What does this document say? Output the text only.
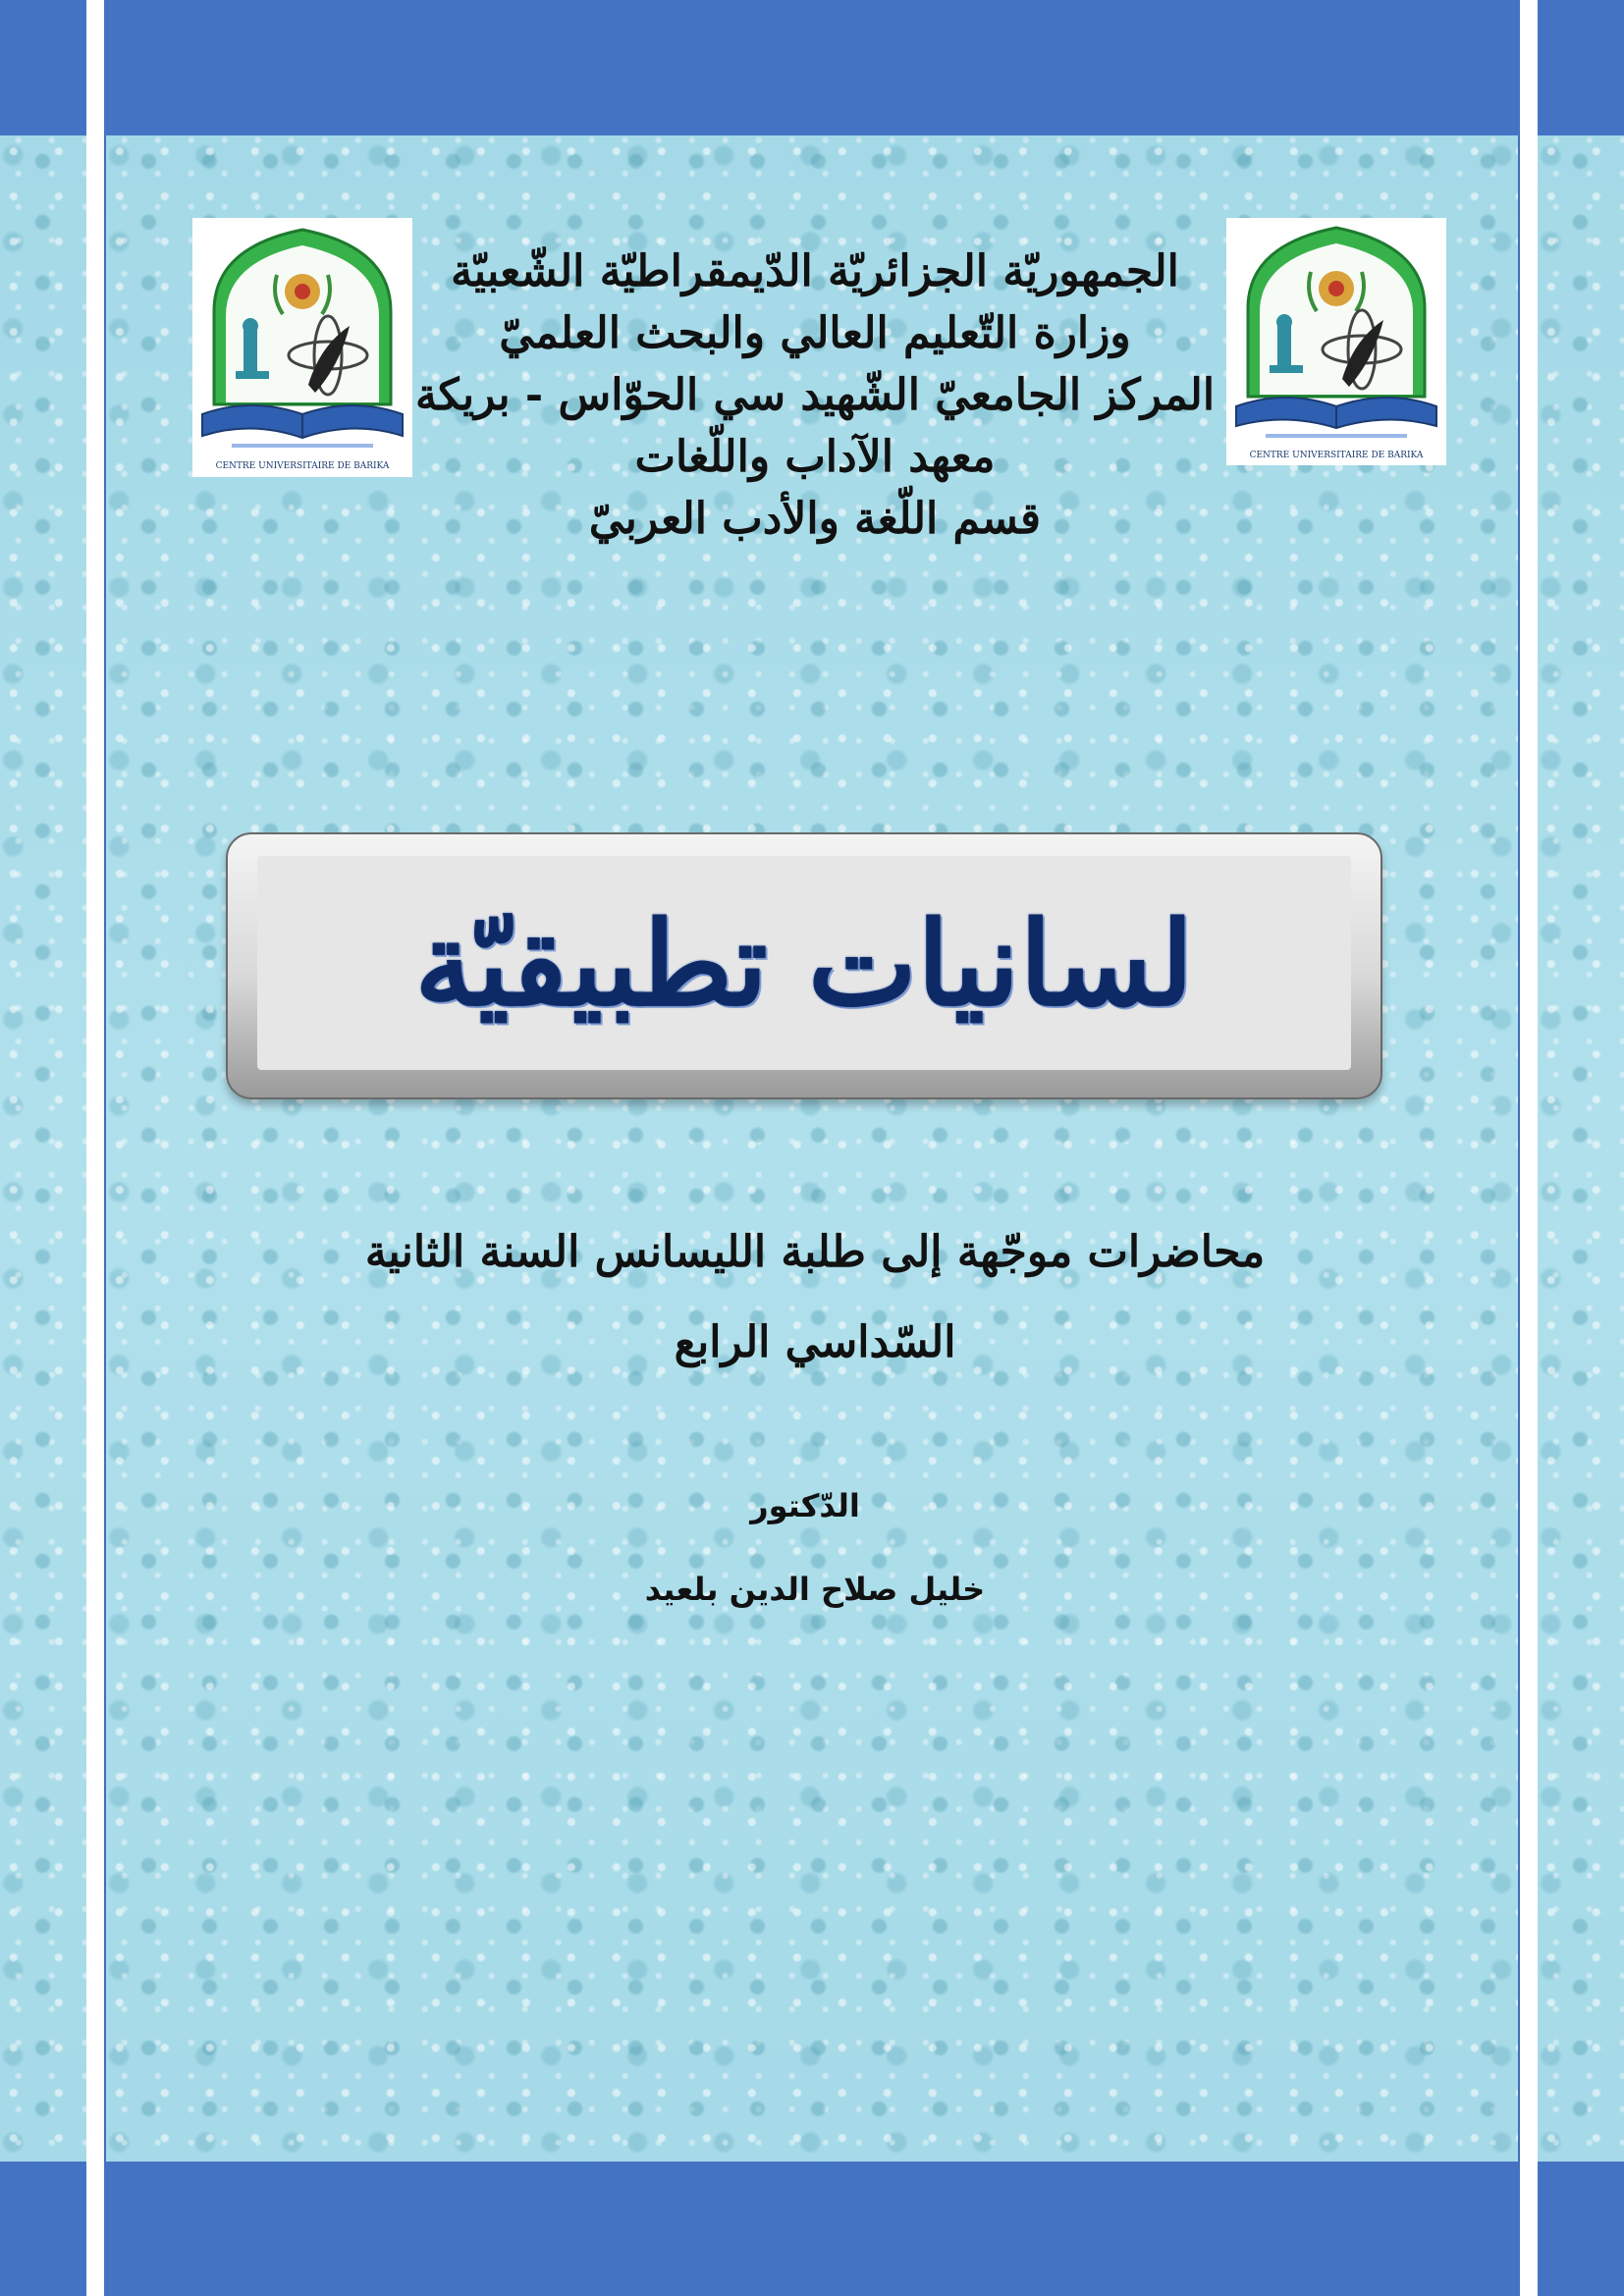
CENTRE UNIVERSITAIRE DE BARIKA
CENTRE UNIVERSITAIRE DE BARIKA
الجمهوريّة الجزائريّة الدّيمقراطيّة الشّعبيّة
وزارة التّعليم العالي والبحث العلميّ
المركز الجامعيّ الشّهيد سي الحوّاس - بريكة
معهد الآداب واللّغات
قسم اللّغة والأدب العربيّ
لسانيات تطبيقيّة
محاضرات موجّهة إلى طلبة الليسانس السنة الثانية
السّداسي الرابع
الدّكتور
خليل صلاح الدين بلعيد
